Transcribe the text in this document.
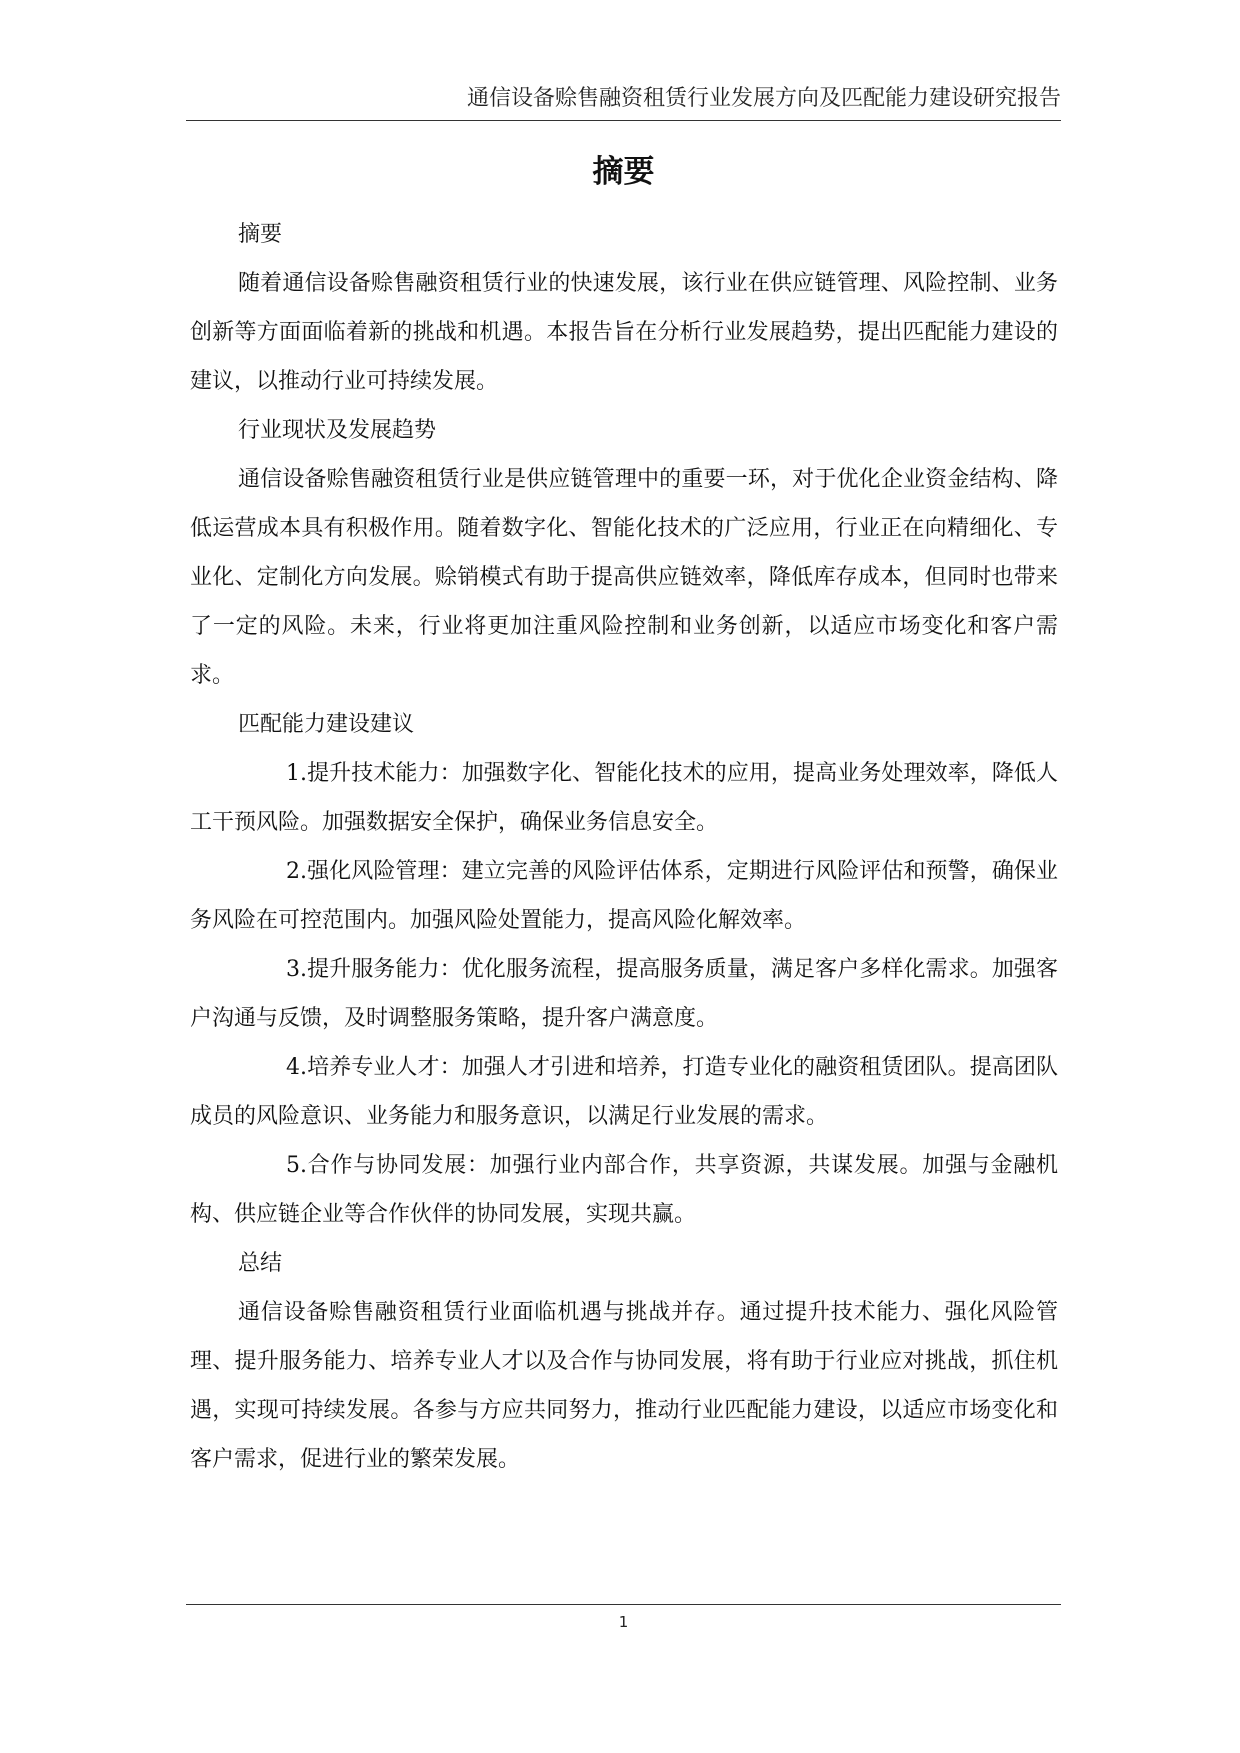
通信设备赊售融资租赁行业发展方向及匹配能力建设研究报告
摘要

摘要

随着通信设备赊售融资租赁行业的快速发展，该行业在供应链管理、风险控制、业务创新等方面面临着新的挑战和机遇。本报告旨在分析行业发展趋势，提出匹配能力建设的建议，以推动行业可持续发展。

行业现状及发展趋势

通信设备赊售融资租赁行业是供应链管理中的重要一环，对于优化企业资金结构、降低运营成本具有积极作用。随着数字化、智能化技术的广泛应用，行业正在向精细化、专业化、定制化方向发展。赊销模式有助于提高供应链效率，降低库存成本，但同时也带来了一定的风险。未来，行业将更加注重风险控制和业务创新，以适应市场变化和客户需求。

匹配能力建设建议

1.提升技术能力：加强数字化、智能化技术的应用，提高业务处理效率，降低人工干预风险。加强数据安全保护，确保业务信息安全。

2.强化风险管理：建立完善的风险评估体系，定期进行风险评估和预警，确保业务风险在可控范围内。加强风险处置能力，提高风险化解效率。

3.提升服务能力：优化服务流程，提高服务质量，满足客户多样化需求。加强客户沟通与反馈，及时调整服务策略，提升客户满意度。

4.培养专业人才：加强人才引进和培养，打造专业化的融资租赁团队。提高团队成员的风险意识、业务能力和服务意识，以满足行业发展的需求。

5.合作与协同发展：加强行业内部合作，共享资源，共谋发展。加强与金融机构、供应链企业等合作伙伴的协同发展，实现共赢。

总结

通信设备赊售融资租赁行业面临机遇与挑战并存。通过提升技术能力、强化风险管理、提升服务能力、培养专业人才以及合作与协同发展，将有助于行业应对挑战，抓住机遇，实现可持续发展。各参与方应共同努力，推动行业匹配能力建设，以适应市场变化和客户需求，促进行业的繁荣发展。

1
